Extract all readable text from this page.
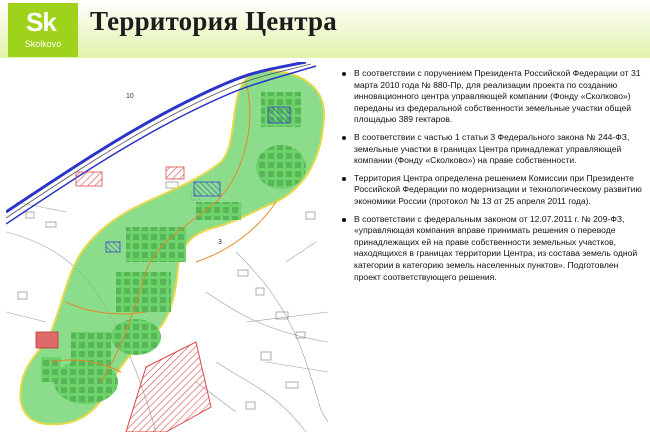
Sk
Skolkovo
Территория Центра
10
3
В соответствии с поручением Президента Российской Федерации от 31 марта 2010 года № 880-Пр, для реализации проекта по созданию инновационного центра управляющей компании (Фонду «Сколково») переданы из федеральной собственности земельные участки общей площадью 389 гектаров.
В соответствии с частью 1 статьи 3 Федерального закона № 244-ФЗ, земельные участки в границах Центра принадлежат управляющей компании (Фонду «Сколково») на праве собственности.
Территория Центра определена решением Комиссии при Президенте Российской Федерации по модернизации и технологическому развитию экономики России (протокол № 13 от 25 апреля 2011 года).
В соответствии с федеральным законом от 12.07.2011 г. № 209-ФЗ, «управляющая компания вправе принимать решения о переводе принадлежащих ей на праве собственности земельных участков, находящихся в границах территории Центра, из состава земель одной категории в категорию земель населенных пунктов». Подготовлен проект соответствующего решения.
